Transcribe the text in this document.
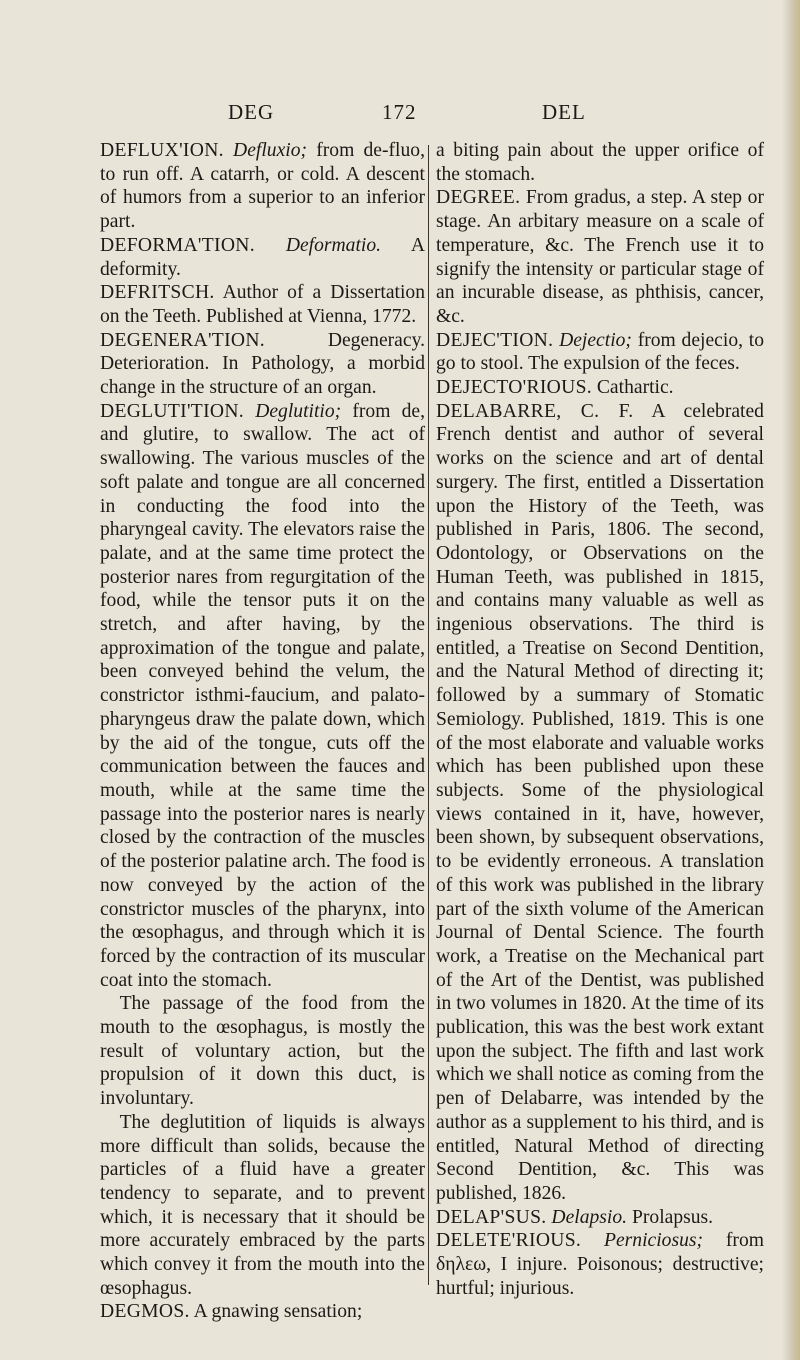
DEG	172	DEL

DEFLUX'ION. Defluxio; from de-fluo, to run off. A catarrh, or cold. A descent of humors from a superior to an inferior part.

DEFORMA'TION. Deformatio. A deformity.

DEFRITSCH. Author of a Dissertation on the Teeth. Published at Vienna, 1772.

DEGENERA'TION. Degeneracy. Deterioration. In Pathology, a morbid change in the structure of an organ.

DEGLUTI'TION. Deglutitio; from de, and glutire, to swallow. The act of swallowing. The various muscles of the soft palate and tongue are all concerned in conducting the food into the pharyngeal cavity. The elevators raise the palate, and at the same time protect the posterior nares from regurgitation of the food, while the tensor puts it on the stretch, and after having, by the approximation of the tongue and palate, been conveyed behind the velum, the constrictor isthmi-faucium, and palato-pharyngeus draw the palate down, which by the aid of the tongue, cuts off the communication between the fauces and mouth, while at the same time the passage into the posterior nares is nearly closed by the contraction of the muscles of the posterior palatine arch. The food is now conveyed by the action of the constrictor muscles of the pharynx, into the œsophagus, and through which it is forced by the contraction of its muscular coat into the stomach.

The passage of the food from the mouth to the œsophagus, is mostly the result of voluntary action, but the propulsion of it down this duct, is involuntary.

The deglutition of liquids is always more difficult than solids, because the particles of a fluid have a greater tendency to separate, and to prevent which, it is necessary that it should be more accurately embraced by the parts which convey it from the mouth into the œsophagus.

DEGMOS. A gnawing sensation;

a biting pain about the upper orifice of the stomach.

DEGREE. From gradus, a step. A step or stage. An arbitary measure on a scale of temperature, &c. The French use it to signify the intensity or particular stage of an incurable disease, as phthisis, cancer, &c.

DEJEC'TION. Dejectio; from dejecio, to go to stool. The expulsion of the feces.

DEJECTO'RIOUS. Cathartic.

DELABARRE, C. F. A celebrated French dentist and author of several works on the science and art of dental surgery. The first, entitled a Dissertation upon the History of the Teeth, was published in Paris, 1806. The second, Odontology, or Observations on the Human Teeth, was published in 1815, and contains many valuable as well as ingenious observations. The third is entitled, a Treatise on Second Dentition, and the Natural Method of directing it; followed by a summary of Stomatic Semiology. Published, 1819. This is one of the most elaborate and valuable works which has been published upon these subjects. Some of the physiological views contained in it, have, however, been shown, by subsequent observations, to be evidently erroneous. A translation of this work was published in the library part of the sixth volume of the American Journal of Dental Science. The fourth work, a Treatise on the Mechanical part of the Art of the Dentist, was published in two volumes in 1820. At the time of its publication, this was the best work extant upon the subject. The fifth and last work which we shall notice as coming from the pen of Delabarre, was intended by the author as a supplement to his third, and is entitled, Natural Method of directing Second Dentition, &c. This was published, 1826.

DELAP'SUS. Delapsio. Prolapsus.

DELETE'RIOUS. Perniciosus; from δηλεω, I injure. Poisonous; destructive; hurtful; injurious.
